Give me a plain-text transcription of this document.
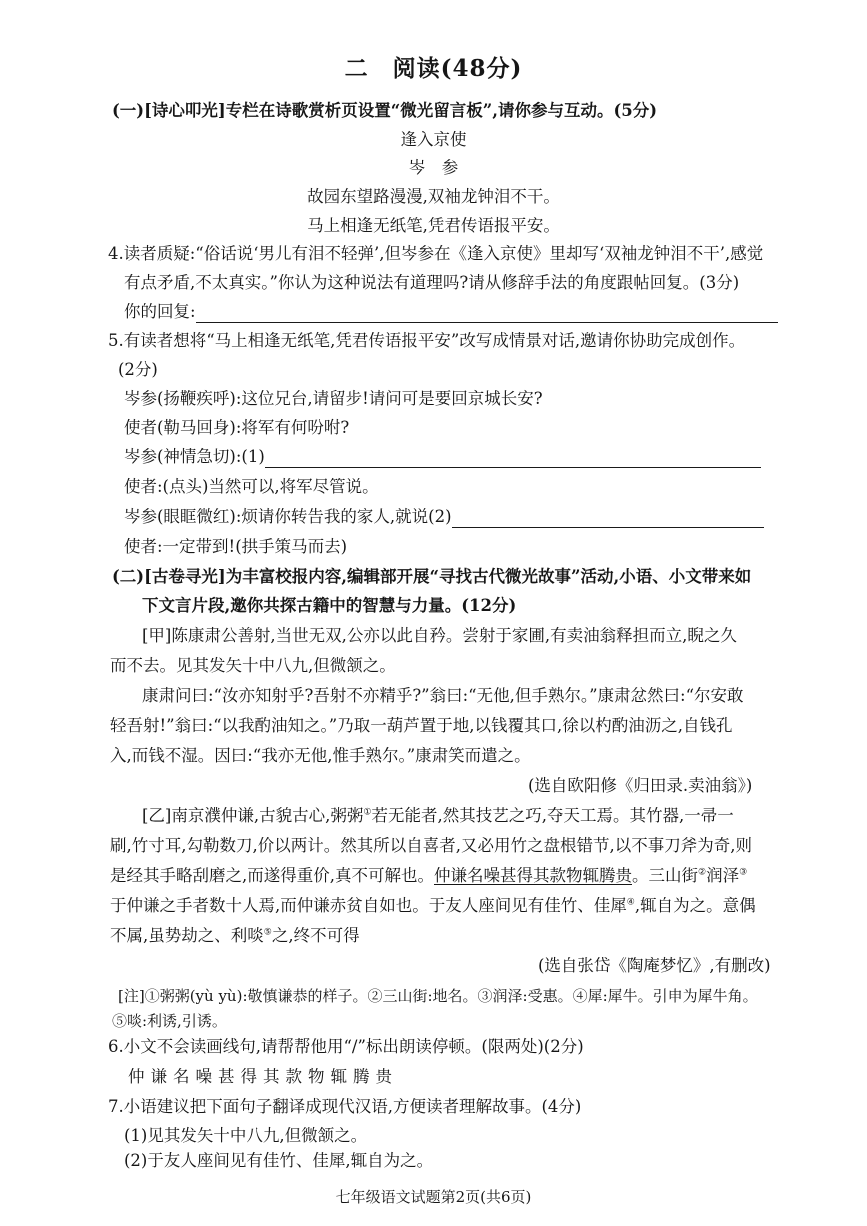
二　阅读(48分)
(一)[诗心叩光]专栏在诗歌赏析页设置“微光留言板”,请你参与互动。(5分)
逢入京使
岑　参
故园东望路漫漫,双袖龙钟泪不干。
马上相逢无纸笔,凭君传语报平安。
4.读者质疑:“俗话说‘男儿有泪不轻弹’,但岑参在《逢入京使》里却写‘双袖龙钟泪不干’,感觉
有点矛盾,不太真实。”你认为这种说法有道理吗?请从修辞手法的角度跟帖回复。(3分)
你的回复:
5.有读者想将“马上相逢无纸笔,凭君传语报平安”改写成情景对话,邀请你协助完成创作。
(2分)
岑参(扬鞭疾呼):这位兄台,请留步!请问可是要回京城长安?
使者(勒马回身):将军有何吩咐?
岑参(神情急切):(1)
使者:(点头)当然可以,将军尽管说。
岑参(眼眶微红):烦请你转告我的家人,就说(2)
使者:一定带到!(拱手策马而去)
(二)[古卷寻光]为丰富校报内容,编辑部开展“寻找古代微光故事”活动,小语、小文带来如
下文言片段,邀你共探古籍中的智慧与力量。(12分)
[甲]陈康肃公善射,当世无双,公亦以此自矜。尝射于家圃,有卖油翁释担而立,睨之久
而不去。见其发矢十中八九,但微颔之。
康肃问曰:“汝亦知射乎?吾射不亦精乎?”翁曰:“无他,但手熟尔。”康肃忿然曰:“尔安敢
轻吾射!”翁曰:“以我酌油知之。”乃取一葫芦置于地,以钱覆其口,徐以杓酌油沥之,自钱孔
入,而钱不湿。因曰:“我亦无他,惟手熟尔。”康肃笑而遣之。
(选自欧阳修《归田录.卖油翁》)
[乙]南京濮仲谦,古貌古心,粥粥①若无能者,然其技艺之巧,夺天工焉。其竹器,一帚一
刷,竹寸耳,勾勒数刀,价以两计。然其所以自喜者,又必用竹之盘根错节,以不事刀斧为奇,则
是经其手略刮磨之,而遂得重价,真不可解也。仲谦名噪甚得其款物辄腾贵。三山街②润泽③
于仲谦之手者数十人焉,而仲谦赤贫自如也。于友人座间见有佳竹、佳犀④,辄自为之。意偶
不属,虽势劫之、利啖⑤之,终不可得
(选自张岱《陶庵梦忆》,有删改)
[注]①粥粥(yù yù):敬慎谦恭的样子。②三山街:地名。③润泽:受惠。④犀:犀牛。引申为犀牛角。
⑤啖:利诱,引诱。
6.小文不会读画线句,请帮帮他用“/”标出朗读停顿。(限两处)(2分)
仲谦名噪甚得其款物辄腾贵
7.小语建议把下面句子翻译成现代汉语,方便读者理解故事。(4分)
(1)见其发矢十中八九,但微颔之。
(2)于友人座间见有佳竹、佳犀,辄自为之。
七年级语文试题第2页(共6页)
